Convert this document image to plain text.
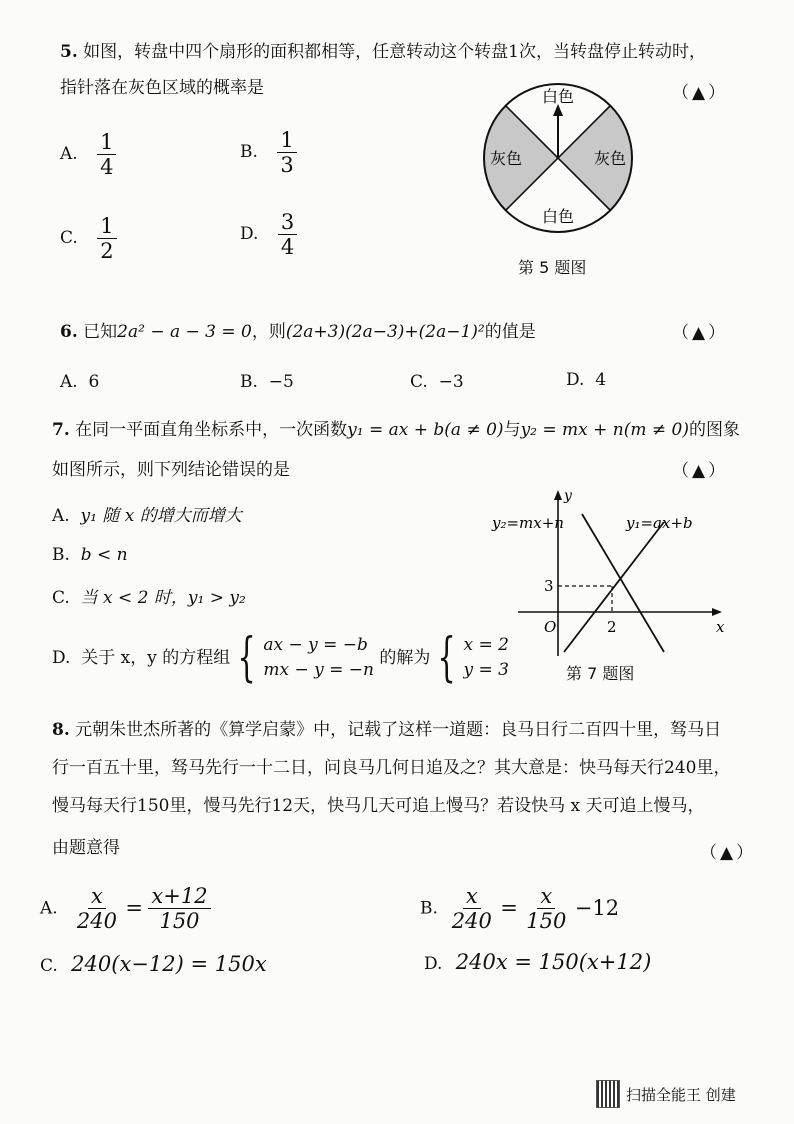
5. 如图，转盘中四个扇形的面积都相等，任意转动这个转盘1次，当转盘停止转动时，
指针落在灰色区域的概率是	（▲）
A. $\frac{1}{4}$	B. $\frac{1}{3}$
C. $\frac{1}{2}$	D. $\frac{3}{4}$
白色
灰色	灰色
白色
第 5 题图
6. 已知2a² − a − 3 = 0，则(2a+3)(2a−3)+(2a−1)²的值是	（▲）
A. 6	B. −5	C. −3	D. 4
7. 在同一平面直角坐标系中，一次函数y₁ = ax + b(a ≠ 0)与y₂ = mx + n(m ≠ 0)的图象
如图所示，则下列结论错误的是	（▲）
A. y₁ 随 x 的增大而增大
B. b < n
C. 当 x < 2 时，y₁ > y₂
D. 关于 x，y 的方程组 { ax − y = −b
mx − y = −n
的解为 { x = 2
y = 3
y₂=mx+n	y₁=ax+b
3
2
O	x
y
第 7 题图
8. 元朝朱世杰所著的《算学启蒙》中，记载了这样一道题：良马日行二百四十里，驽马日
行一百五十里，驽马先行一十二日，问良马几何日追及之？其大意是：快马每天行240里，
慢马每天行150里，慢马先行12天，快马几天可追上慢马？若设快马 x 天可追上慢马，
由题意得	（▲）
A. $\frac{x}{240} = \frac{x+12}{150}$	B. $\frac{x}{240} = \frac{x}{150} -12$
C. 240(x−12) = 150x	D. 240x = 150(x+12)
扫描全能王 创建
